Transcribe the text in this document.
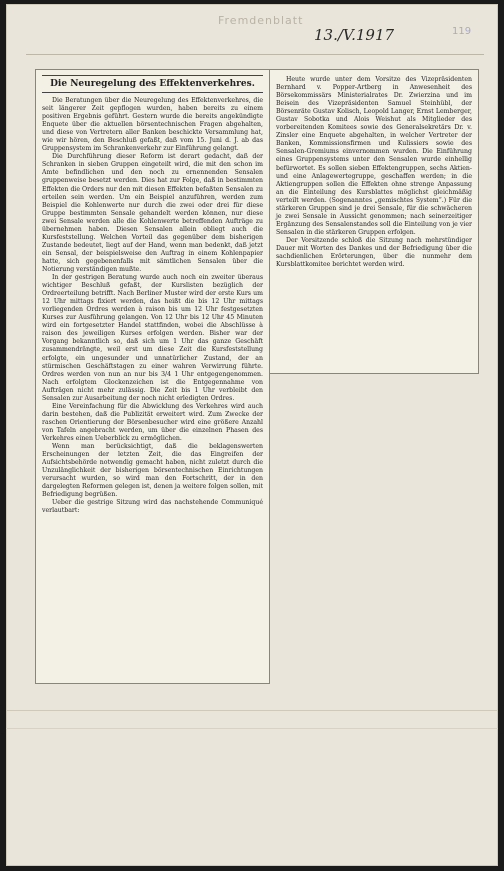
Fremdenblatt
13./V.1917	119
Die Neuregelung des Effektenverkehres.

Die Beratungen über die Neuregelung des Effektenverkehres, die seit längerer Zeit gepflogen wurden, haben bereits zu einem positiven Ergebnis geführt. Gestern wurde die bereits angekündigte Enquete über die aktuellen börsentechnischen Fragen abgehalten, und diese von Vertretern aller Banken beschickte Versammlung hat, wie wir hören, den Beschluß gefaßt, daß vom 15. Juni d. J. ab das Gruppensystem im Schrankenverkehr zur Einführung gelangt.

Die Durchführung dieser Reform ist derart gedacht, daß der Schranken in sieben Gruppen eingeteilt wird, die mit den schon im Amte befindlichen und den noch zu ernennenden Sensalen gruppenweise besetzt werden. Dies hat zur Folge, daß in bestimmten Effekten die Orders nur den mit diesen Effekten befaßten Sensalen zu erteilen sein werden. Um ein Beispiel anzuführen, werden zum Beispiel die Kohlenwerte nur durch die zwei oder drei für diese Gruppe bestimmten Sensale gehandelt werden können, nur diese zwei Sensale werden alle die Kohlenwerte betreffenden Aufträge zu übernehmen haben. Diesen Sensalen allein obliegt auch die Kursfeststellung. Welchen Vorteil das gegenüber dem bisherigen Zustande bedeutet, liegt auf der Hand, wenn man bedenkt, daß jetzt ein Sensal, der beispielsweise den Auftrag in einem Kohlenpapier hatte, sich gegebenenfalls mit sämtlichen Sensalen über die Notierung verständigen mußte.

In der gestrigen Beratung wurde auch noch ein zweiter überaus wichtiger Beschluß gefaßt, der Kurslisten bezüglich der Ordreerteilung betrifft. Nach Berliner Muster wird der erste Kurs um 12 Uhr mittags fixiert werden, das heißt die bis 12 Uhr mittags vorliegenden Ordres werden à raison bis um 12 Uhr festgesetzten Kurses zur Ausführung gelangen. Von 12 Uhr bis 12 Uhr 45 Minuten wird ein fortgesetzter Handel stattfinden, wobei die Abschlüsse à raison des jeweiligen Kurses erfolgen werden. Bisher war der Vorgang bekanntlich so, daß sich um 1 Uhr das ganze Geschäft zusammendrängte, weil erst um diese Zeit die Kursfeststellung erfolgte, ein ungesunder und unnatürlicher Zustand, der an stürmischen Geschäftstagen zu einer wahren Verwirrung führte. Ordres werden von nun an nur bis 3/4 1 Uhr entgegengenommen. Nach erfolgtem Glockenzeichen ist die Entgegennahme von Aufträgen nicht mehr zulässig. Die Zeit bis 1 Uhr verbleibt den Sensalen zur Ausarbeitung der noch nicht erledigten Ordres.

Eine Vereinfachung für die Abwicklung des Verkehres wird auch darin bestehen, daß die Publizität erweitert wird. Zum Zwecke der raschen Orientierung der Börsenbesucher wird eine größere Anzahl von Tafeln angebracht werden, um über die einzelnen Phasen des Verkehres einen Ueberblick zu ermöglichen.

Wenn man berücksichtigt, daß die beklagenswerten Erscheinungen der letzten Zeit, die das Eingreifen der Aufsichtsbehörde notwendig gemacht haben, nicht zuletzt durch die Unzulänglichkeit der bisherigen börsentechnischen Einrichtungen verursacht wurden, so wird man den Fortschritt, der in den dargelegten Reformen gelegen ist, denen ja weitere folgen sollen, mit Befriedigung begrüßen.

Ueber die gestrige Sitzung wird das nachstehende Communiqué verlautbart:

Heute wurde unter dem Vorsitze des Vizepräsidenten Bernhard v. Popper-Artberg in Anwesenheit des Börsekommissärs Ministerialrates Dr. Zwierzina und im Beisein des Vizepräsidenten Samuel Steinhübl, der Börsenräte Gustav Kolisch, Leopold Langer, Ernst Lemberger, Gustav Sobotka und Alois Weishut als Mitglieder des vorbereitenden Komitees sowie des Generalsekretärs Dr. v. Zinsler eine Enquete abgehalten, in welcher Vertreter der Banken, Kommissionsfirmen und Kulissiers sowie des Sensalen-Gremiums einvernommen wurden. Die Einführung eines Gruppensystems unter den Sensalen wurde einhellig befürwortet. Es sollen sieben Effektengruppen, sechs Aktien- und eine Anlagewertegruppe, geschaffen werden; in die Aktiengruppen sollen die Effekten ohne strenge Anpassung an die Einteilung des Kursblattes möglichst gleichmäßig verteilt werden. (Sogenanntes „gemischtes System“.) Für die stärkeren Gruppen sind je drei Sensale, für die schwächeren je zwei Sensale in Aussicht genommen; nach seinerzeitiger Ergänzung des Sensalenstandes soll die Einteilung von je vier Sensalen in die stärkeren Gruppen erfolgen.

Der Vorsitzende schloß die Sitzung nach mehrstündiger Dauer mit Worten des Dankes und der Befriedigung über die sachdienlichen Erörterungen, über die nunmehr dem Kursblattkomitee berichtet werden wird.
